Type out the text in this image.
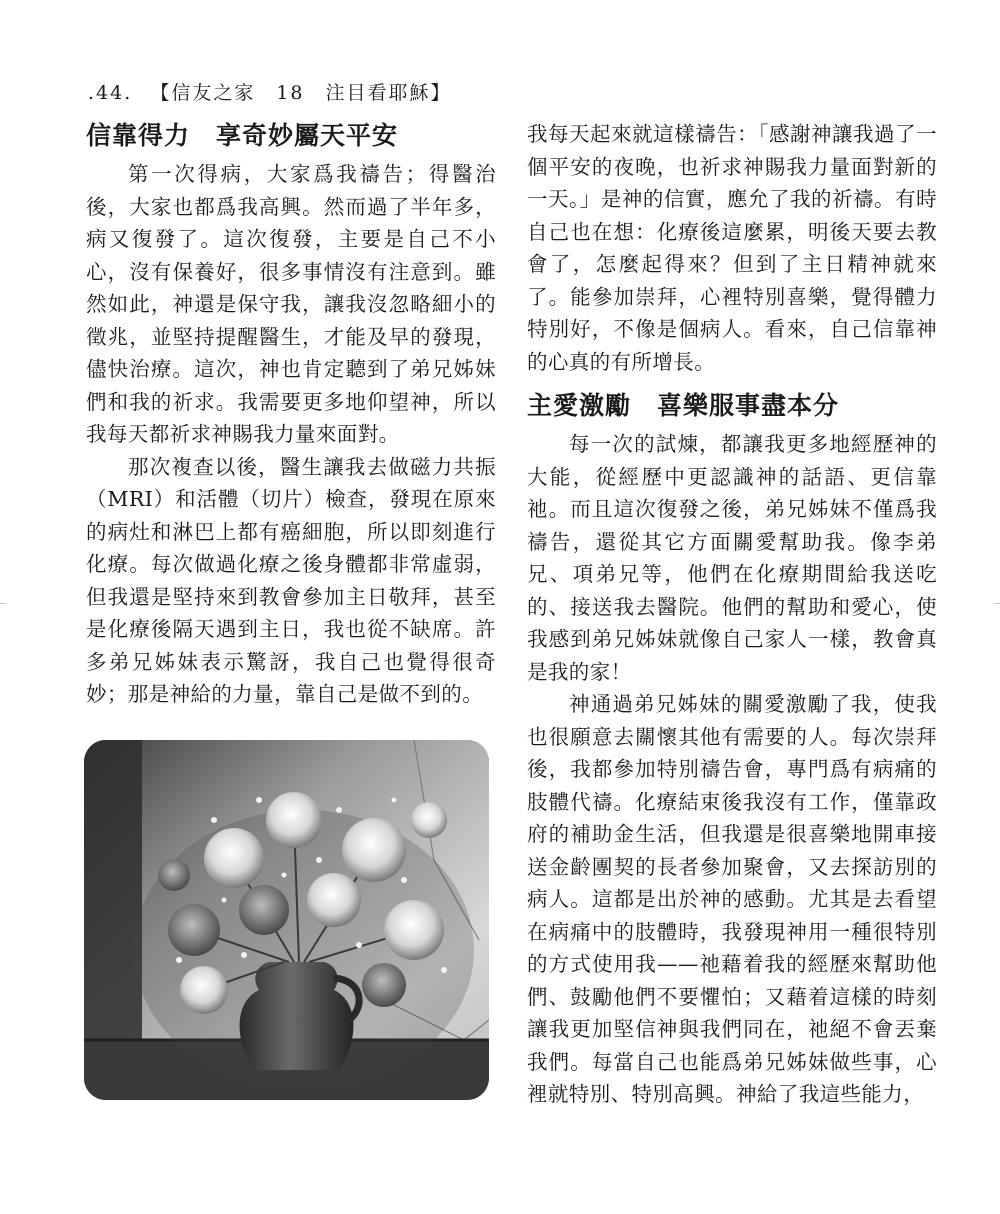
.44. 【信友之家　18　注目看耶穌】
信靠得力　享奇妙屬天平安

第一次得病，大家爲我禱告；得醫治後，大家也都爲我高興。然而過了半年多，病又復發了。這次復發，主要是自己不小心，沒有保養好，很多事情沒有注意到。雖然如此，神還是保守我，讓我沒忽略細小的徵兆，並堅持提醒醫生，才能及早的發現，儘快治療。這次，神也肯定聽到了弟兄姊妹們和我的祈求。我需要更多地仰望神，所以我每天都祈求神賜我力量來面對。

那次複查以後，醫生讓我去做磁力共振（MRI）和活體（切片）檢查，發現在原來的病灶和淋巴上都有癌細胞，所以即刻進行化療。每次做過化療之後身體都非常虛弱，但我還是堅持來到教會參加主日敬拜，甚至是化療後隔天遇到主日，我也從不缺席。許多弟兄姊妹表示驚訝，我自己也覺得很奇妙；那是神給的力量，靠自己是做不到的。

我每天起來就這樣禱告：「感謝神讓我過了一個平安的夜晚，也祈求神賜我力量面對新的一天。」是神的信實，應允了我的祈禱。有時自己也在想：化療後這麼累，明後天要去教會了，怎麼起得來？但到了主日精神就來了。能參加崇拜，心裡特別喜樂，覺得體力特別好，不像是個病人。看來，自己信靠神的心真的有所增長。

主愛激勵　喜樂服事盡本分

每一次的試煉，都讓我更多地經歷神的大能，從經歷中更認識神的話語、更信靠祂。而且這次復發之後，弟兄姊妹不僅爲我禱告，還從其它方面關愛幫助我。像李弟兄、項弟兄等，他們在化療期間給我送吃的、接送我去醫院。他們的幫助和愛心，使我感到弟兄姊妹就像自己家人一樣，教會真是我的家！

神通過弟兄姊妹的關愛激勵了我，使我也很願意去關懷其他有需要的人。每次崇拜後，我都參加特別禱告會，專門爲有病痛的肢體代禱。化療結束後我沒有工作，僅靠政府的補助金生活，但我還是很喜樂地開車接送金齡團契的長者參加聚會，又去探訪別的病人。這都是出於神的感動。尤其是去看望在病痛中的肢體時，我發現神用一種很特別的方式使用我——祂藉着我的經歷來幫助他們、鼓勵他們不要懼怕；又藉着這樣的時刻讓我更加堅信神與我們同在，祂絕不會丟棄我們。每當自己也能爲弟兄姊妹做些事，心裡就特別、特別高興。神給了我這些能力，
